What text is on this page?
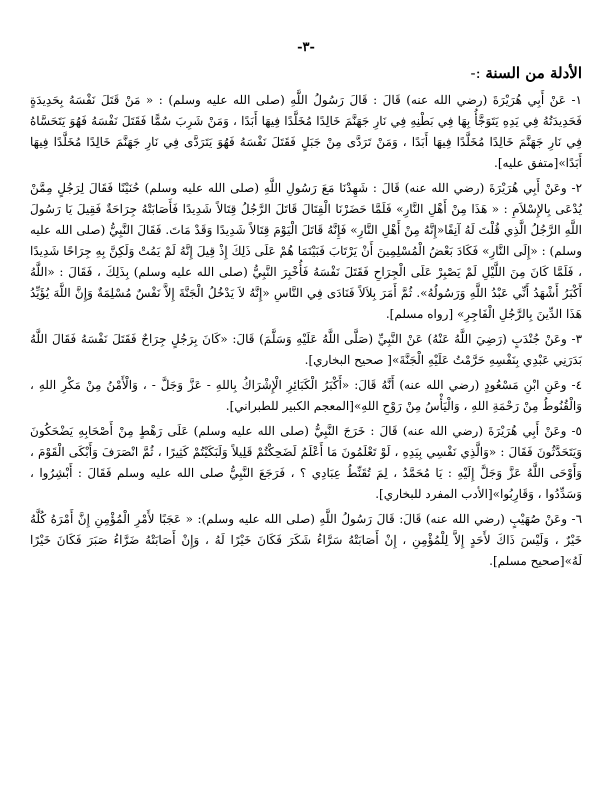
-٣-
الأدلة من السنة :-

١- عَنْ أَبِي هُرَيْرَةَ (رضي الله عنه) قَالَ : قَالَ رَسُولُ اللَّهِ (صلى الله عليه وسلم) : « مَنْ قَتَلَ نَفْسَهُ بِحَدِيدَةٍ فَحَدِيدَتُهُ فِي يَدِهِ يَتَوَجَّأُ بِهَا فِي بَطْنِهِ فِي نَارِ جَهَنَّمَ خَالِدًا مُخَلَّدًا فِيهَا أَبَدًا ، وَمَنْ شَرِبَ سُمًّا فَقَتَلَ نَفْسَهُ فَهُوَ يَتَحَسَّاهُ فِي نَارِ جَهَنَّمَ خَالِدًا مُخَلَّدًا فِيهَا أَبَدًا ، وَمَنْ تَرَدَّى مِنْ جَبَلٍ فَقَتَلَ نَفْسَهُ فَهُوَ يَتَرَدَّى فِي نَارِ جَهَنَّمَ خَالِدًا مُخَلَّدًا فِيهَا أَبَدًا»[متفق عليه].

٢- وعَنْ أَبِي هُرَيْرَةَ (رضي الله عنه) قَالَ : شَهِدْنَا مَعَ رَسُولِ اللَّهِ (صلى الله عليه وسلم) حُنَيْنًا فَقَالَ لِرَجُلٍ مِمَّنْ يُدْعَى بِالإِسْلاَمِ : « هَذَا مِنْ أَهْلِ النَّارِ» فَلَمَّا حَضَرْنَا الْقِتَالَ قَاتَلَ الرَّجُلُ قِتَالاً شَدِيدًا فَأَصَابَتْهُ جِرَاحَةٌ فَقِيلَ يَا رَسُولَ اللَّهِ الرَّجُلُ الَّذِي قُلْتَ لَهُ آنِفًا«إِنَّهُ مِنْ أَهْلِ النَّارِ» فَإِنَّهُ قَاتَلَ الْيَوْمَ قِتَالاً شَدِيدًا وَقَدْ مَاتَ. فَقَالَ النَّبِيُّ (صلى الله عليه وسلم) : «إِلَى النَّارِ» فَكَادَ بَعْضُ الْمُسْلِمِينَ أَنْ يَرْتَابَ فَبَيْنَمَا هُمْ عَلَى ذَلِكَ إِذْ قِيلَ إِنَّهُ لَمْ يَمُتْ وَلَكِنَّ بِهِ جِرَاحًا شَدِيدًا ، فَلَمَّا كَانَ مِنَ اللَّيْلِ لَمْ يَصْبِرْ عَلَى الْجِرَاحِ فَقَتَلَ نَفْسَهُ فَأُخْبِرَ النَّبِيُّ (صلى الله عليه وسلم) بِذَلِكَ ، فَقَالَ : «اللَّهُ أَكْبَرُ أَشْهَدُ أَنِّي عَبْدُ اللَّهِ وَرَسُولُهُ». ثُمَّ أَمَرَ بِلاَلاً فَنَادَى فِي النَّاسِ «إِنَّهُ لاَ يَدْخُلُ الْجَنَّةَ إِلاَّ نَفْسٌ مُسْلِمَةٌ وَإِنَّ اللَّهَ يُؤَيِّدُ هَذَا الدِّينَ بِالرَّجُلِ الْفَاجِرِ» [رواه مسلم].

٣- وعَنْ جُنْدَبٍ (رَضِيَ اللَّهُ عَنْهُ) عَنْ النَّبِيِّ (صَلَّى اللَّهُ عَلَيْهِ وَسَلَّمَ) قَالَ: «كَانَ بِرَجُلٍ جِرَاحٌ فَقَتَلَ نَفْسَهُ فَقَالَ اللَّهُ بَدَرَنِي عَبْدِي بِنَفْسِهِ حَرَّمْتُ عَلَيْهِ الْجَنَّةَ»[ صحيح البخاري].

٤- وعَنِ ابْنِ مَسْعُودٍ (رضي الله عنه) أَنَّهُ قَالَ: «أَكْبَرُ الْكَبَائِرِ الْإِشْرَاكُ بِاللهِ - عَزَّ وَجَلَّ - ، وَالْأَمْنُ مِنْ مَكْرِ اللهِ ، وَالْقُنُوطُ مِنْ رَحْمَةِ اللهِ ، وَالْيَأْسُ مِنْ رَوْحِ اللهِ»[المعجم الكبير للطبراني].

٥- وعَنْ أَبِي هُرَيْرَةَ (رضي الله عنه) قَالَ : خَرَجَ النَّبِيُّ (صلى الله عليه وسلم) عَلَى رَهْطٍ مِنْ أَصْحَابِهِ يَضْحَكُونَ وَيَتَحَدَّثُونَ فَقَالَ : «وَالَّذِي نَفْسِي بِيَدِهِ ، لَوْ تَعْلَمُونَ مَا أَعْلَمُ لَضَحِكْتُمْ قَلِيلاً وَلَبَكَيْتُمْ كَثِيرًا ، ثُمَّ انْصَرَفَ وَأَبْكَى الْقَوْمَ ، وَأَوْحَى اللَّهُ عَزَّ وَجَلَّ إِلَيْهِ : يَا مُحَمَّدُ ، لِمَ تُقَنِّطُ عِبَادِي ؟ ، فَرَجَعَ النَّبِيُّ صلى الله عليه وسلم فَقَالَ : أَبْشِرُوا ، وَسَدِّدُوا ، وَقَارِبُوا»[الأدب المفرد للبخاري].

٦- وعَنْ صُهَيْبٍ (رضي الله عنه) قَالَ: قَالَ رَسُولُ اللَّهِ (صلى الله عليه وسلم): « عَجَبًا لأَمْرِ الْمُؤْمِنِ إِنَّ أَمْرَهُ كُلَّهُ خَيْرٌ ، وَلَيْسَ ذَاكَ لأَحَدٍ إِلاَّ لِلْمُؤْمِنِ ، إِنْ أَصَابَتْهُ سَرَّاءُ شَكَرَ فَكَانَ خَيْرًا لَهُ ، وَإِنْ أَصَابَتْهُ ضَرَّاءُ صَبَرَ فَكَانَ خَيْرًا لَهُ»[صحيح مسلم].
